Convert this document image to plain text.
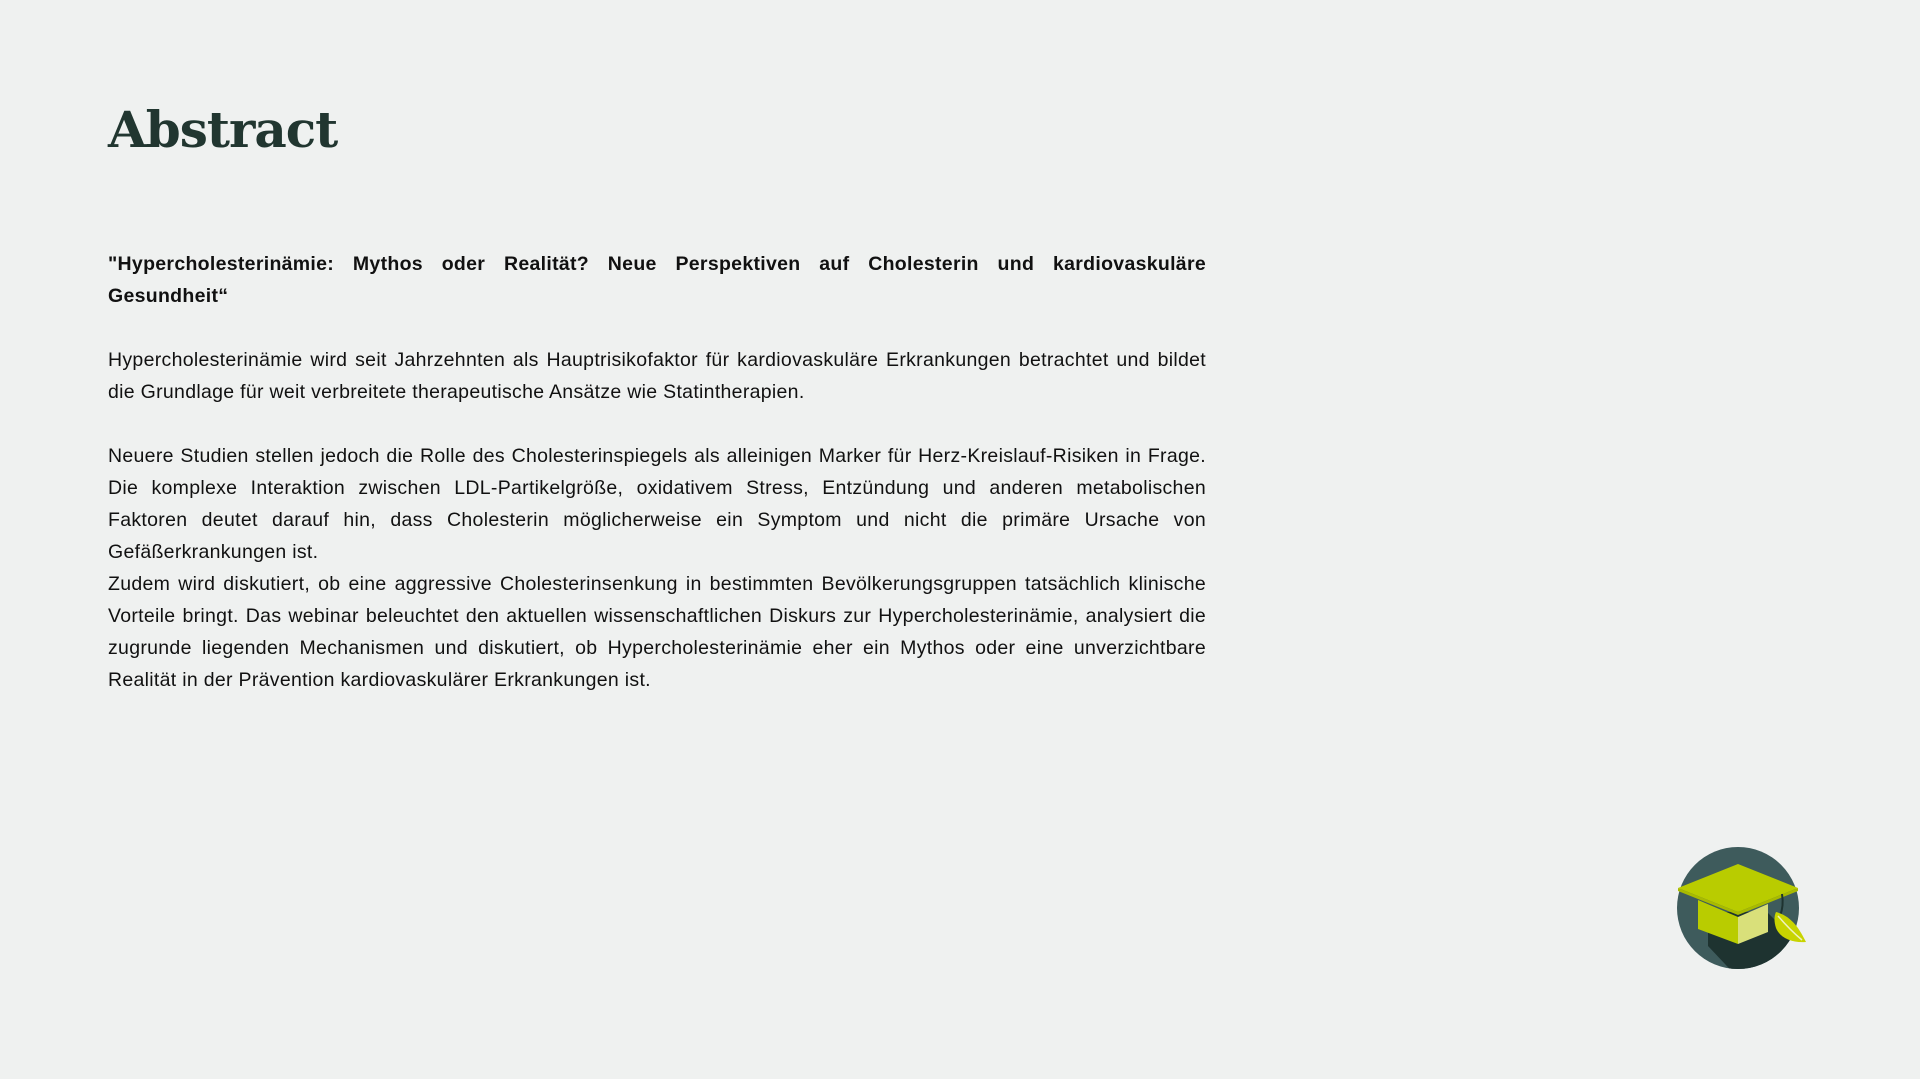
Abstract

"Hypercholesterinämie: Mythos oder Realität? Neue Perspektiven auf Cholesterin und kardiovaskuläre Gesundheit“

Hypercholesterinämie wird seit Jahrzehnten als Hauptrisikofaktor für kardiovaskuläre Erkrankungen betrachtet und bildet die Grundlage für weit verbreitete therapeutische Ansätze wie Statintherapien.

Neuere Studien stellen jedoch die Rolle des Cholesterinspiegels als alleinigen Marker für Herz-Kreislauf-Risiken in Frage. Die komplexe Interaktion zwischen LDL-Partikelgröße, oxidativem Stress, Entzündung und anderen metabolischen Faktoren deutet darauf hin, dass Cholesterin möglicherweise ein Symptom und nicht die primäre Ursache von Gefäßerkrankungen ist.

Zudem wird diskutiert, ob eine aggressive Cholesterinsenkung in bestimmten Bevölkerungsgruppen tatsächlich klinische Vorteile bringt. Das webinar beleuchtet den aktuellen wissenschaftlichen Diskurs zur Hypercholesterinämie, analysiert die zugrunde liegenden Mechanismen und diskutiert, ob Hypercholesterinämie eher ein Mythos oder eine unverzichtbare Realität in der Prävention kardiovaskulärer Erkrankungen ist.
